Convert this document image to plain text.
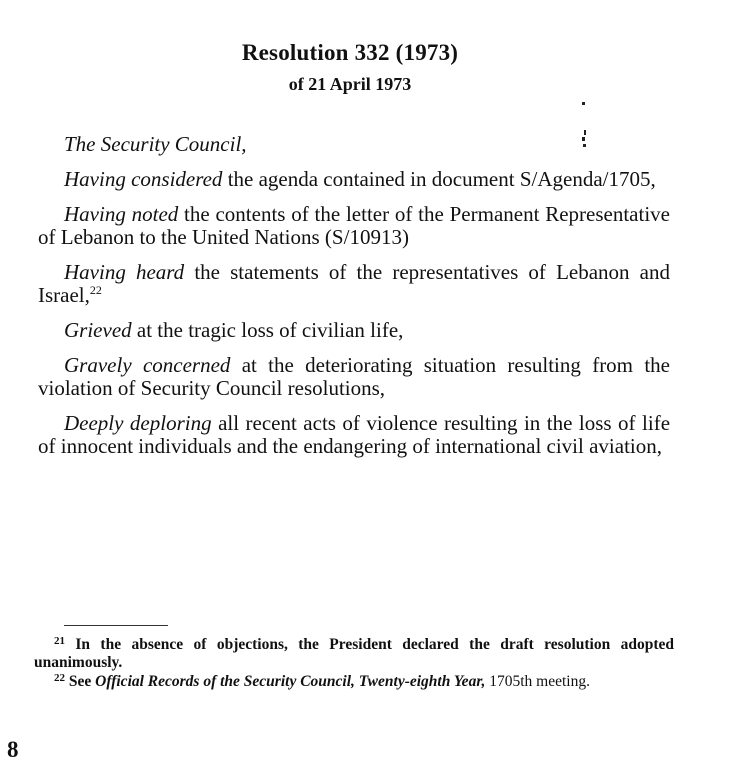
Resolution 332 (1973)
of 21 April 1973

The Security Council,

Having considered the agenda contained in document S/Agenda/1705,

Having noted the contents of the letter of the Permanent Representative of Lebanon to the United Nations (S/10913)

Having heard the statements of the representatives of Lebanon and Israel,$^{22}$

Grieved at the tragic loss of civilian life,

Gravely concerned at the deteriorating situation resulting from the violation of Security Council resolutions,

Deeply deploring all recent acts of violence resulting in the loss of life of innocent individuals and the endangering of international civil aviation,

$^{21}$ In the absence of objections, the President declared the draft resolution adopted unanimously.

$^{22}$ See Official Records of the Security Council, Twenty-eighth Year, 1705th meeting.

8
